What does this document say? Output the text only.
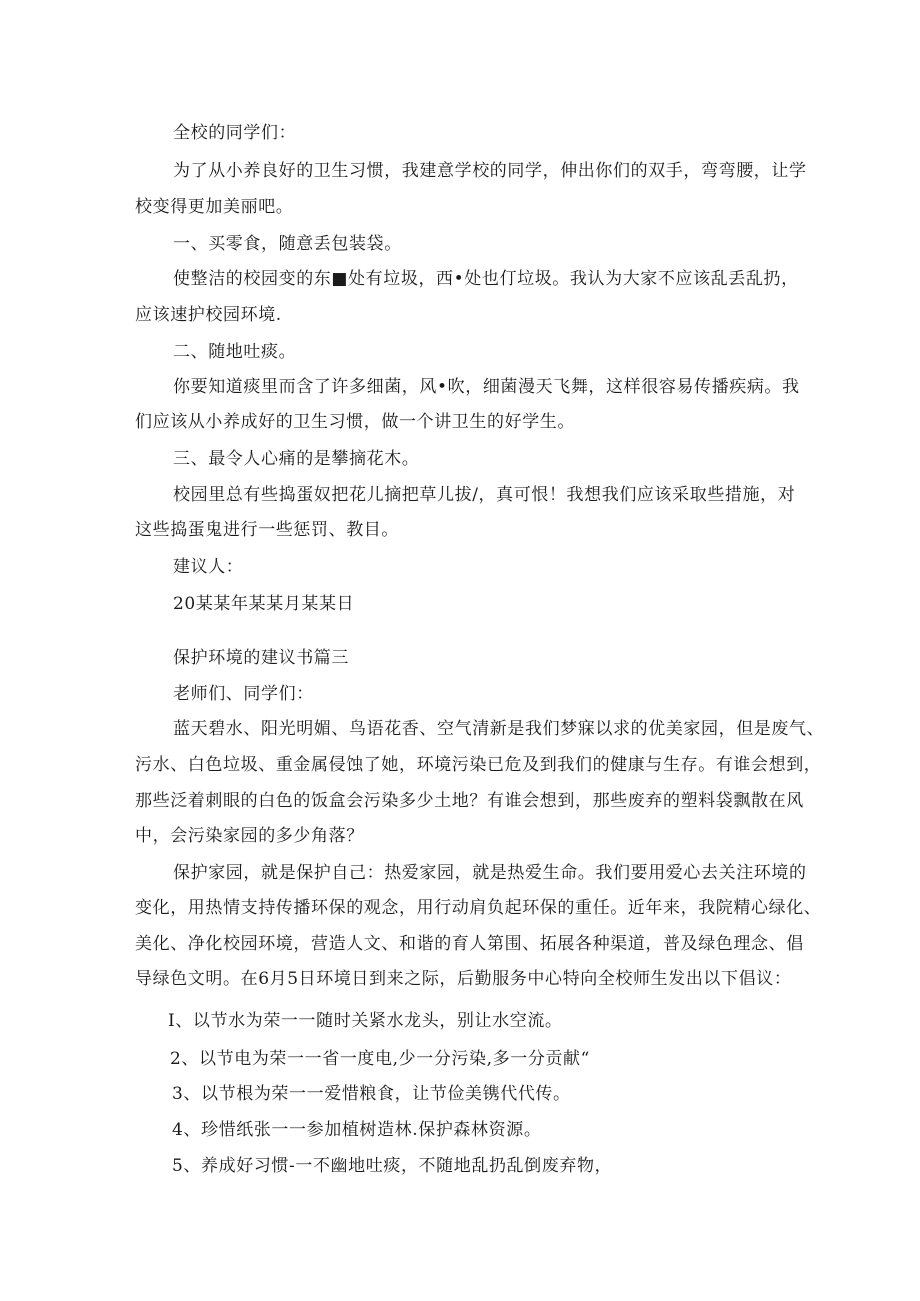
全校的同学们：
为了从小养良好的卫生习惯，我建意学校的同学，伸出你们的双手，弯弯腰，让学
校变得更加美丽吧。
一、买零食，随意丢包装袋。
使整洁的校园变的东■处有垃圾，西•处也仃垃圾。我认为大家不应该乱丢乱扔，
应该速护校园环境.
二、随地吐痰。
你要知道痰里而含了许多细菌，风•吹，细菌漫天飞舞，这样很容易传播疾病。我
们应该从小养成好的卫生习惯，做一个讲卫生的好学生。
三、最令人心痛的是攀摘花木。
校园里总有些捣蛋奴把花儿摘把草儿拔/，真可恨！我想我们应该采取些措施，对
这些捣蛋鬼进行一些惩罚、教目。
建议人：
20某某年某某月某某日
保护环境的建议书篇三
老师们、同学们：
蓝天碧水、阳光明媚、鸟语花香、空气清新是我们梦寐以求的优美家园，但是废气、
污水、白色垃圾、重金属侵蚀了她，环境污染已危及到我们的健康与生存。有谁会想到，
那些泛着刺眼的白色的饭盒会污染多少土地？有谁会想到，那些废弃的塑料袋飘散在风
中，会污染家园的多少角落？
保护家园，就是保护自己：热爱家园，就是热爱生命。我们要用爱心去关注环境的
变化，用热情支持传播环保的观念，用行动肩负起环保的重任。近年来，我院精心绿化、
美化、净化校园环境，营造人文、和谐的育人第围、拓展各种渠道，普及绿色理念、倡
导绿色文明。在6月5日环境日到来之际，后勤服务中心特向全校师生发出以下倡议：
I、以节水为荣一一随时关紧水龙头，别让水空流。
2、以节电为荣一一省一度电,少一分污染,多一分贡献“
3、以节根为荣一一爱惜粮食，让节俭美镌代代传。
4、珍惜纸张一一参加植树造林.保护森林资源。
5、养成好习惯-一不幽地吐痰，不随地乱扔乱倒废弃物，
